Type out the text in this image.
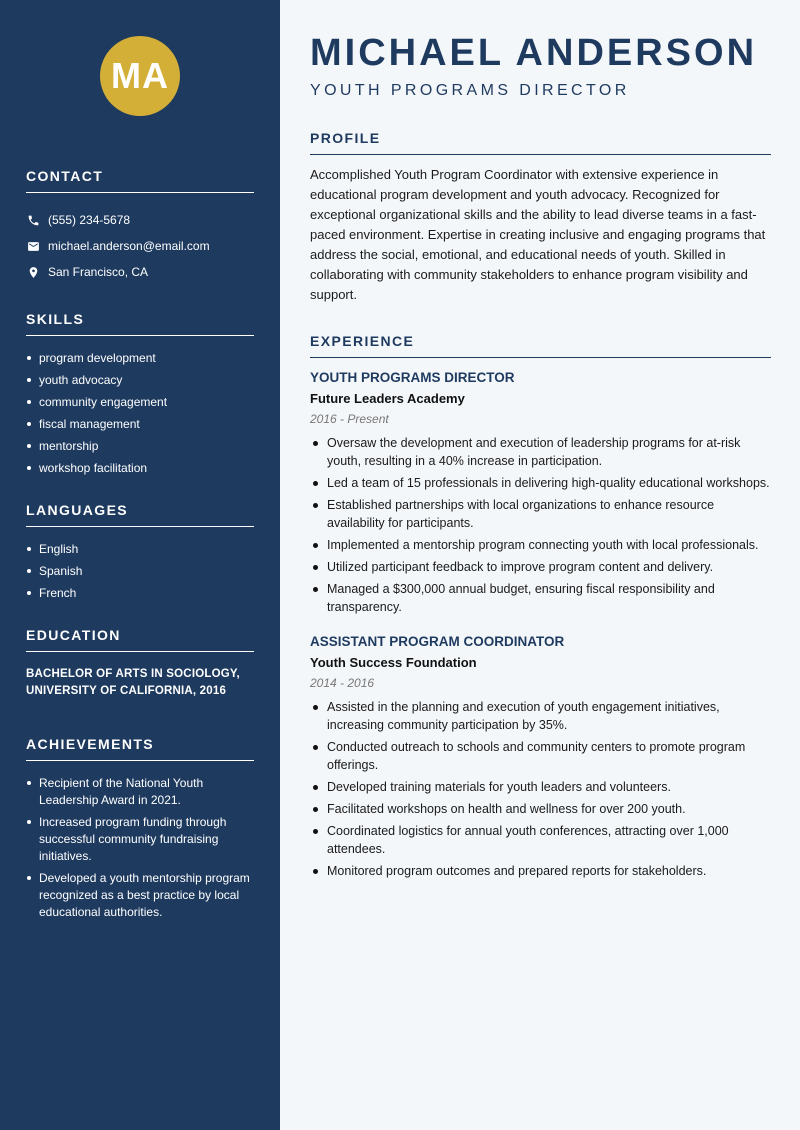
MA
CONTACT
(555) 234-5678
michael.anderson@email.com
San Francisco, CA
SKILLS
program development
youth advocacy
community engagement
fiscal management
mentorship
workshop facilitation
LANGUAGES
English
Spanish
French
EDUCATION
BACHELOR OF ARTS IN SOCIOLOGY,
UNIVERSITY OF CALIFORNIA, 2016
ACHIEVEMENTS
Recipient of the National Youth Leadership Award in 2021.
Increased program funding through successful community fundraising initiatives.
Developed a youth mentorship program recognized as a best practice by local educational authorities.
MICHAEL ANDERSON
YOUTH PROGRAMS DIRECTOR
PROFILE

Accomplished Youth Program Coordinator with extensive experience in educational program development and youth advocacy. Recognized for exceptional organizational skills and the ability to lead diverse teams in a fast-paced environment. Expertise in creating inclusive and engaging programs that address the social, emotional, and educational needs of youth. Skilled in collaborating with community stakeholders to enhance program visibility and support.

EXPERIENCE
YOUTH PROGRAMS DIRECTOR
Future Leaders Academy
2016 - Present
Oversaw the development and execution of leadership programs for at-risk youth, resulting in a 40% increase in participation.
Led a team of 15 professionals in delivering high-quality educational workshops.
Established partnerships with local organizations to enhance resource availability for participants.
Implemented a mentorship program connecting youth with local professionals.
Utilized participant feedback to improve program content and delivery.
Managed a $300,000 annual budget, ensuring fiscal responsibility and transparency.
ASSISTANT PROGRAM COORDINATOR
Youth Success Foundation
2014 - 2016
Assisted in the planning and execution of youth engagement initiatives, increasing community participation by 35%.
Conducted outreach to schools and community centers to promote program offerings.
Developed training materials for youth leaders and volunteers.
Facilitated workshops on health and wellness for over 200 youth.
Coordinated logistics for annual youth conferences, attracting over 1,000 attendees.
Monitored program outcomes and prepared reports for stakeholders.
